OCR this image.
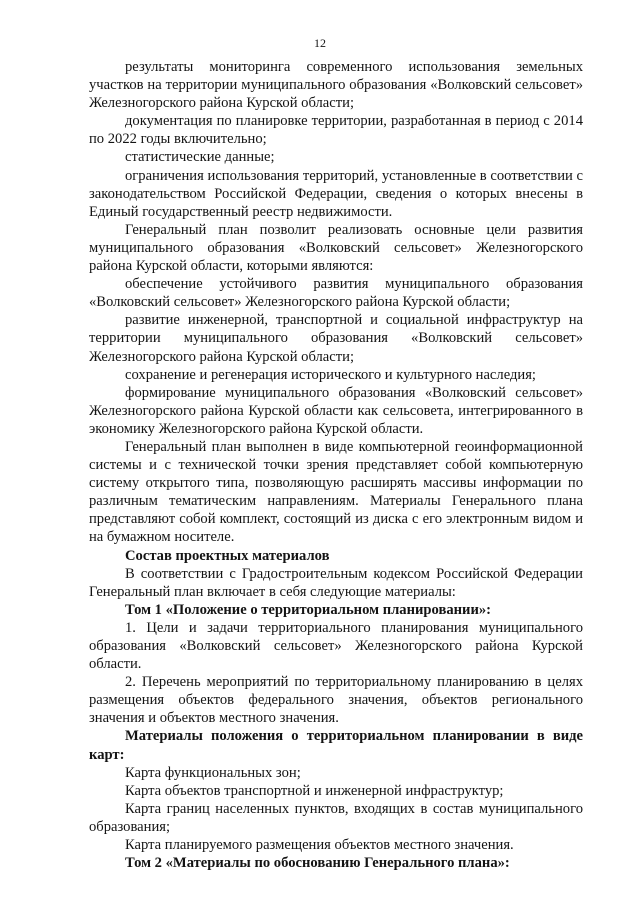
12

результаты мониторинга современного использования земельных участков на территории муниципального образования «Волковский сельсовет» Железногорского района Курской области;

документация по планировке территории, разработанная в период с 2014 по 2022 годы включительно;

статистические данные;

ограничения использования территорий, установленные в соответствии с законодательством Российской Федерации, сведения о которых внесены в Единый государственный реестр недвижимости.

Генеральный план позволит реализовать основные цели развития муниципального образования «Волковский сельсовет» Железногорского района Курской области, которыми являются:

обеспечение устойчивого развития муниципального образования «Волковский сельсовет» Железногорского района Курской области;

развитие инженерной, транспортной и социальной инфраструктур на территории муниципального образования «Волковский сельсовет» Железногорского района Курской области;

сохранение и регенерация исторического и культурного наследия;

формирование муниципального образования «Волковский сельсовет» Железногорского района Курской области как сельсовета, интегрированного в экономику Железногорского района Курской области.

Генеральный план выполнен в виде компьютерной геоинформационной системы и с технической точки зрения представляет собой компьютерную систему открытого типа, позволяющую расширять массивы информации по различным тематическим направлениям. Материалы Генерального плана представляют собой комплект, состоящий из диска с его электронным видом и на бумажном носителе.

Состав проектных материалов

В соответствии с Градостроительным кодексом Российской Федерации Генеральный план включает в себя следующие материалы:

Том 1 «Положение о территориальном планировании»:

1. Цели и задачи территориального планирования муниципального образования «Волковский сельсовет» Железногорского района Курской области.

2. Перечень мероприятий по территориальному планированию в целях размещения объектов федерального значения, объектов регионального значения и объектов местного значения.

Материалы положения о территориальном планировании в виде карт:

Карта функциональных зон;

Карта объектов транспортной и инженерной инфраструктур;

Карта границ населенных пунктов, входящих в состав муниципального образования;

Карта планируемого размещения объектов местного значения.

Том 2 «Материалы по обоснованию Генерального плана»:
